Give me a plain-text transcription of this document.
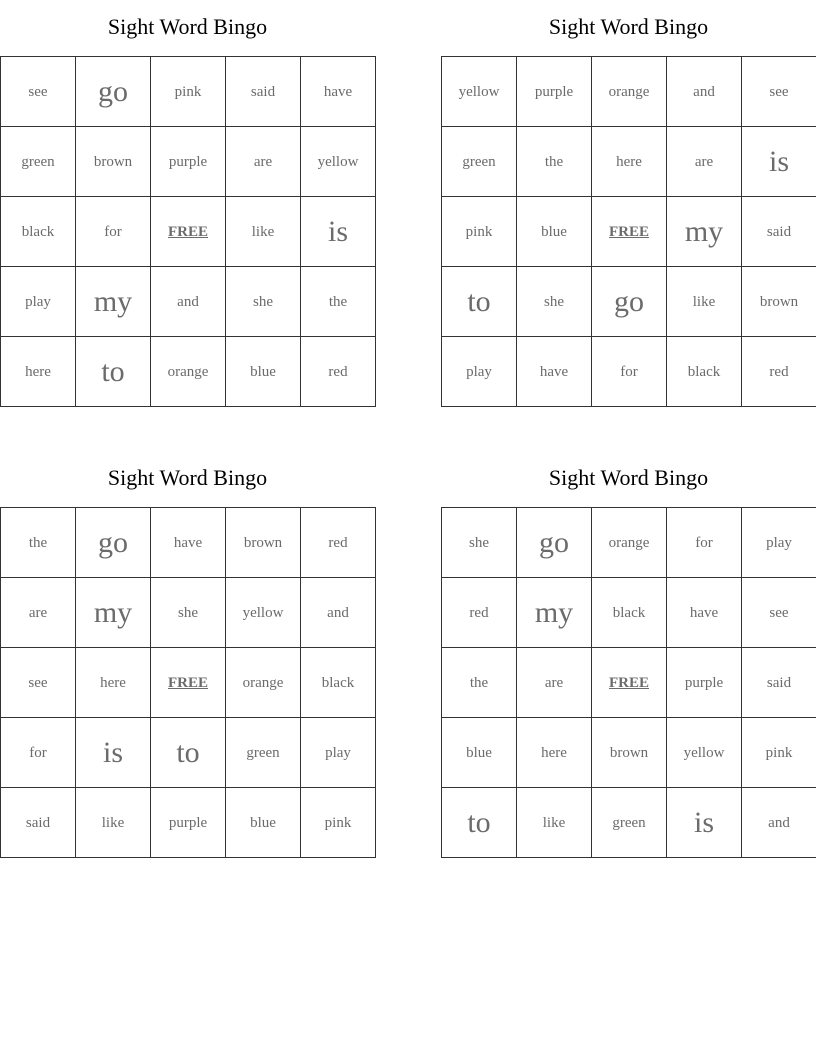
Sight Word Bingo
see	go	pink	said	have
green	brown	purple	are	yellow
black	for	FREE	like	is
play	my	and	she	the
here	to	orange	blue	red
Sight Word Bingo
yellow	purple	orange	and	see
green	the	here	are	is
pink	blue	FREE	my	said
to	she	go	like	brown
play	have	for	black	red
Sight Word Bingo
the	go	have	brown	red
are	my	she	yellow	and
see	here	FREE	orange	black
for	is	to	green	play
said	like	purple	blue	pink
Sight Word Bingo
she	go	orange	for	play
red	my	black	have	see
the	are	FREE	purple	said
blue	here	brown	yellow	pink
to	like	green	is	and
